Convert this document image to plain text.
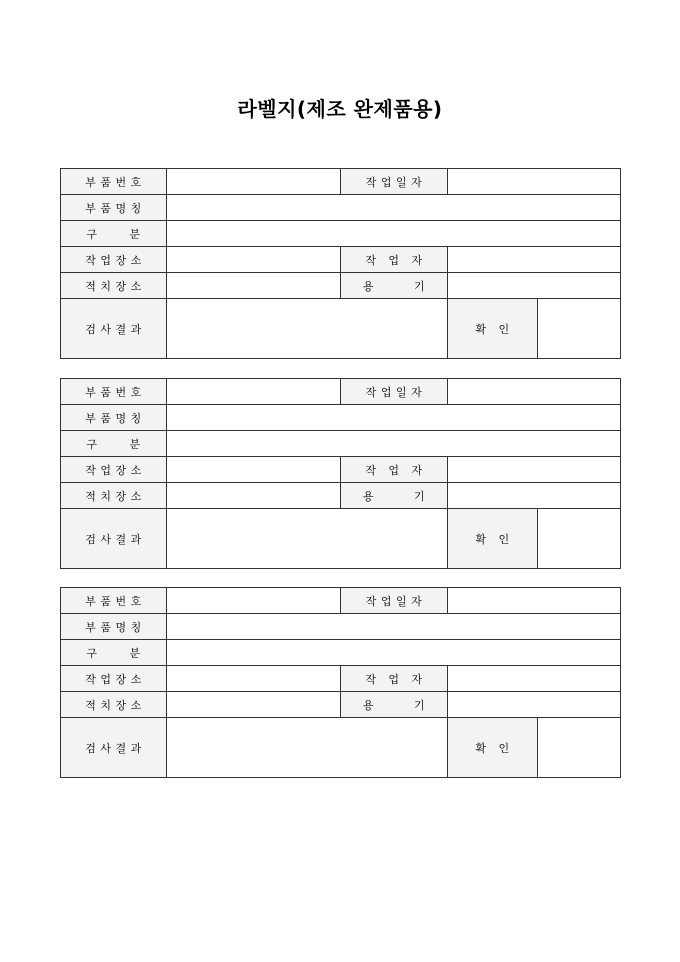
라벨지(제조 완제품용)
부 품 번 호		작 업 일 자		
부 품 명 칭				
구        분				
작 업 장 소		작   업   자		
적 치 장 소		용          기		
검 사 결 과			확   인	
부 품 번 호		작 업 일 자		
부 품 명 칭				
구        분				
작 업 장 소		작   업   자		
적 치 장 소		용          기		
검 사 결 과			확   인	
부 품 번 호		작 업 일 자		
부 품 명 칭				
구        분				
작 업 장 소		작   업   자		
적 치 장 소		용          기		
검 사 결 과			확   인	
